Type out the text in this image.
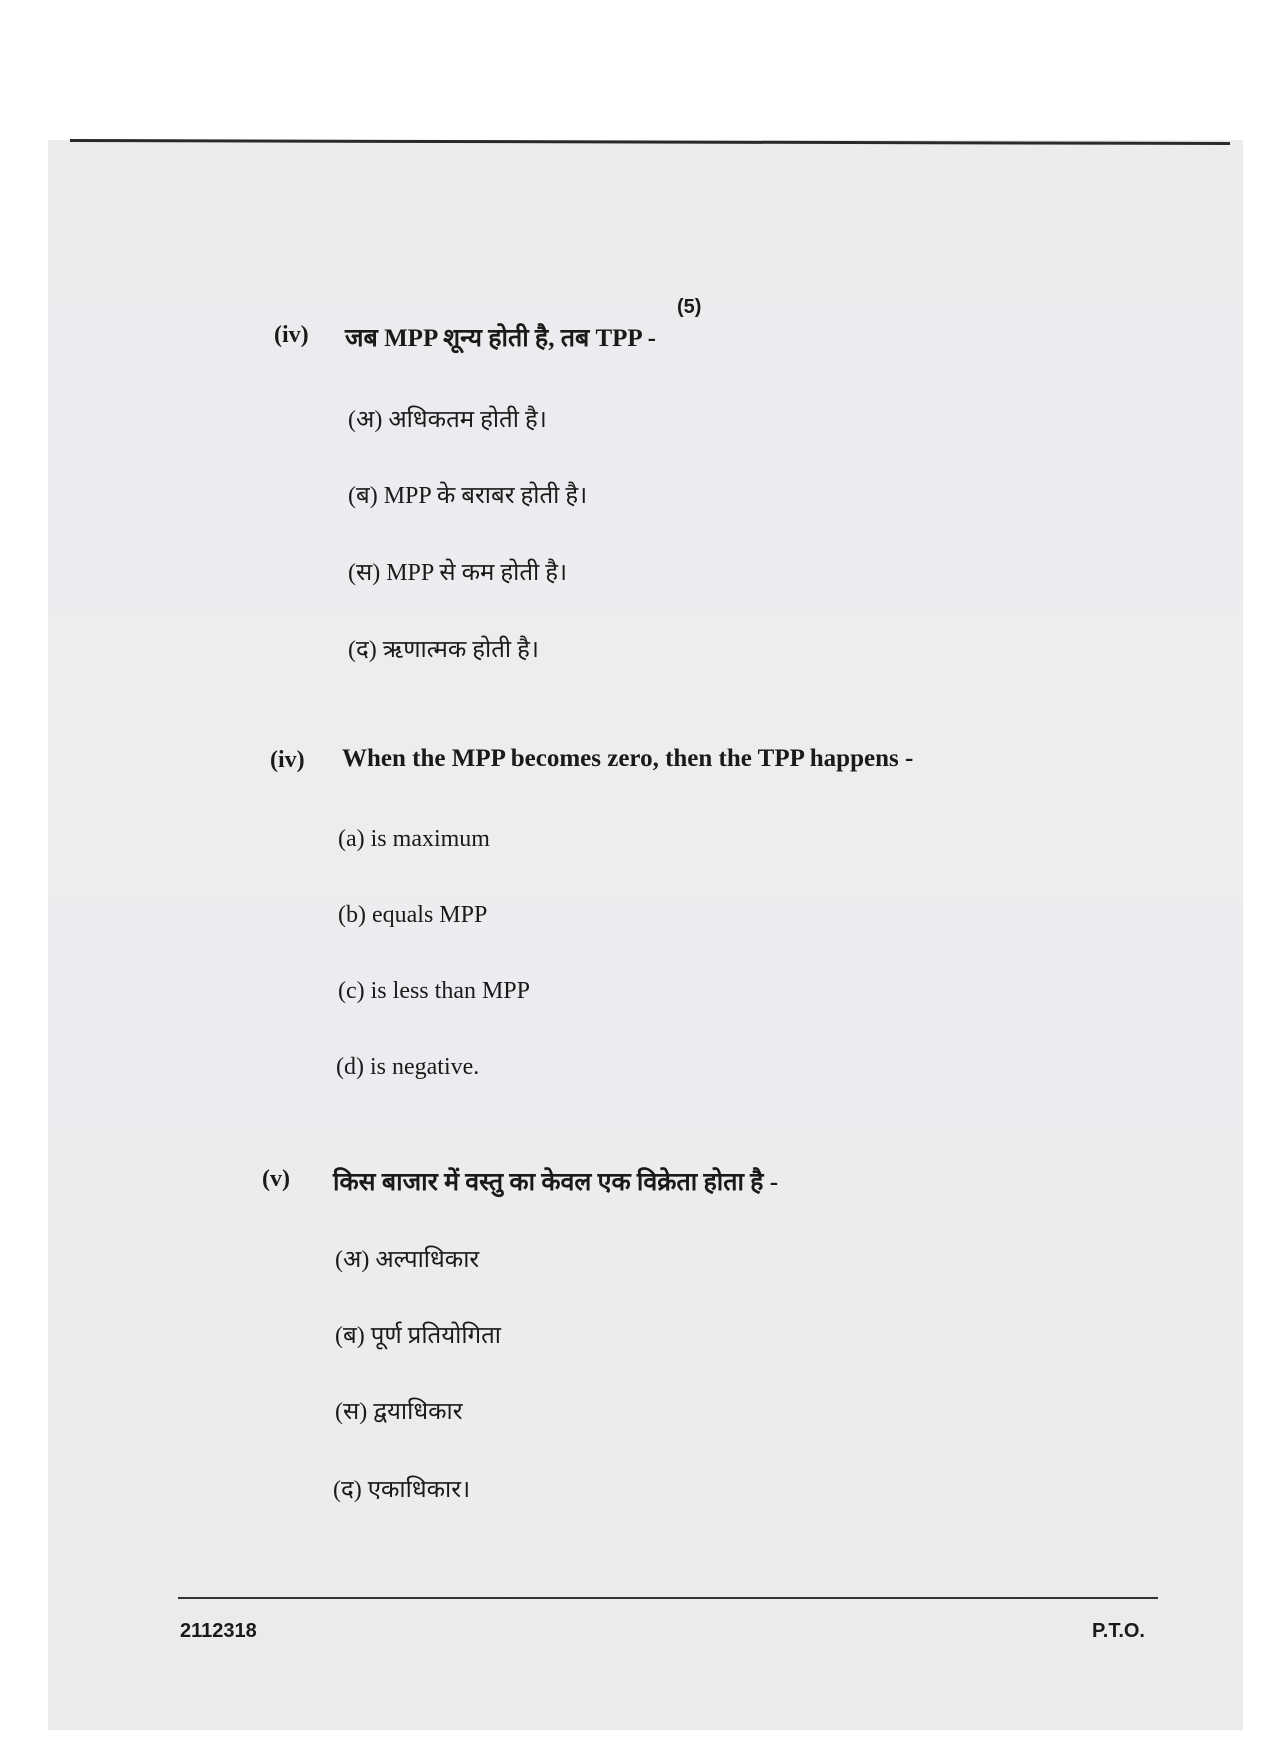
(5)
(iv) जब MPP शून्य होती है, तब TPP -
(अ) अधिकतम होती है।
(ब) MPP के बराबर होती है।
(स) MPP से कम होती है।
(द) ऋणात्मक होती है।
(iv) When the MPP becomes zero, then the TPP happens -
(a) is maximum
(b) equals MPP
(c) is less than MPP
(d) is negative.
(v) किस बाजार में वस्तु का केवल एक विक्रेता होता है -
(अ) अल्पाधिकार
(ब) पूर्ण प्रतियोगिता
(स) द्वयाधिकार
(द) एकाधिकार।
2112318	P.T.O.
